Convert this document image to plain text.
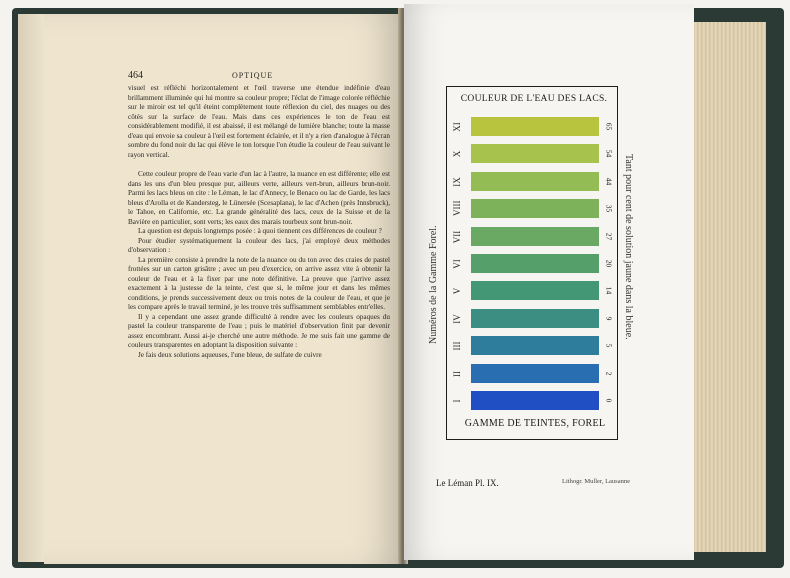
464	OPTIQUE

visuel est réfléchi horizontalement et l'œil traverse une étendue indéfinie d'eau brillamment illuminée qui lui montre sa couleur propre; l'éclat de l'image colorée réfléchie sur le miroir est tel qu'il éteint complètement toute réflexion du ciel, des nuages ou des côtés sur la surface de l'eau. Mais dans ces expériences le ton de l'eau est considérablement modifié, il est abaissé, il est mélangé de lumière blanche; toute la masse d'eau qui envoie sa couleur à l'œil est fortement éclairée, et il n'y a rien d'analogue à l'écran sombre du fond noir du lac qui élève le ton lorsque l'on étudie la couleur de l'eau suivant le rayon vertical.

Cette couleur propre de l'eau varie d'un lac à l'autre, la nuance en est différente; elle est dans les uns d'un bleu presque pur, ailleurs verte, ailleurs vert-brun, ailleurs brun-noir. Parmi les lacs bleus on cite : le Léman, le lac d'Annecy, le Benaco ou lac de Garde, les lacs bleus d'Arolla et de Kandersteg, le Lünersée (Scesaplana), le lac d'Achen (près Innsbruck), le Tahoe, en Californie, etc. La grande généralité des lacs, ceux de la Suisse et de la Bavière en particulier, sont verts; les eaux des marais tourbeux sont brun-noir.

La question est depuis longtemps posée : à quoi tiennent ces différences de couleur ?

Pour étudier systématiquement la couleur des lacs, j'ai employé deux méthodes d'observation :

La première consiste à prendre la note de la nuance ou du ton avec des craies de pastel frottées sur un carton grisâtre ; avec un peu d'exercice, on arrive assez vite à obtenir la couleur de l'eau et à la fixer par une note définitive. La preuve que j'arrive assez exactement à la justesse de la teinte, c'est que si, le même jour et dans les mêmes conditions, je prends successivement deux ou trois notes de la couleur de l'eau, et que je les compare après le travail terminé, je les trouve très suffisamment semblables entr'elles.

Il y a cependant une assez grande difficulté à rendre avec les couleurs opaques du pastel la couleur transparente de l'eau ; puis le matériel d'observation finit par devenir assez encombrant. Aussi ai-je cherché une autre méthode. Je me suis fait une gamme de couleurs transparentes en adoptant la disposition suivante :

Je fais deux solutions aqueuses, l'une bleue, de sulfate de cuivre

COULEUR DE L'EAU DES LACS.
GAMME DE TEINTES, FOREL
Numéros de la Gamme Forel.	Tant pour cent de solution jaune dans la bleue.
XI	65
X	54
IX	44
VIII	35
VII	27
VI	20
V	14
IV	9
III	5
II	2
I	0
Le Léman Pl. IX.	Lithogr. Muller, Lausanne
